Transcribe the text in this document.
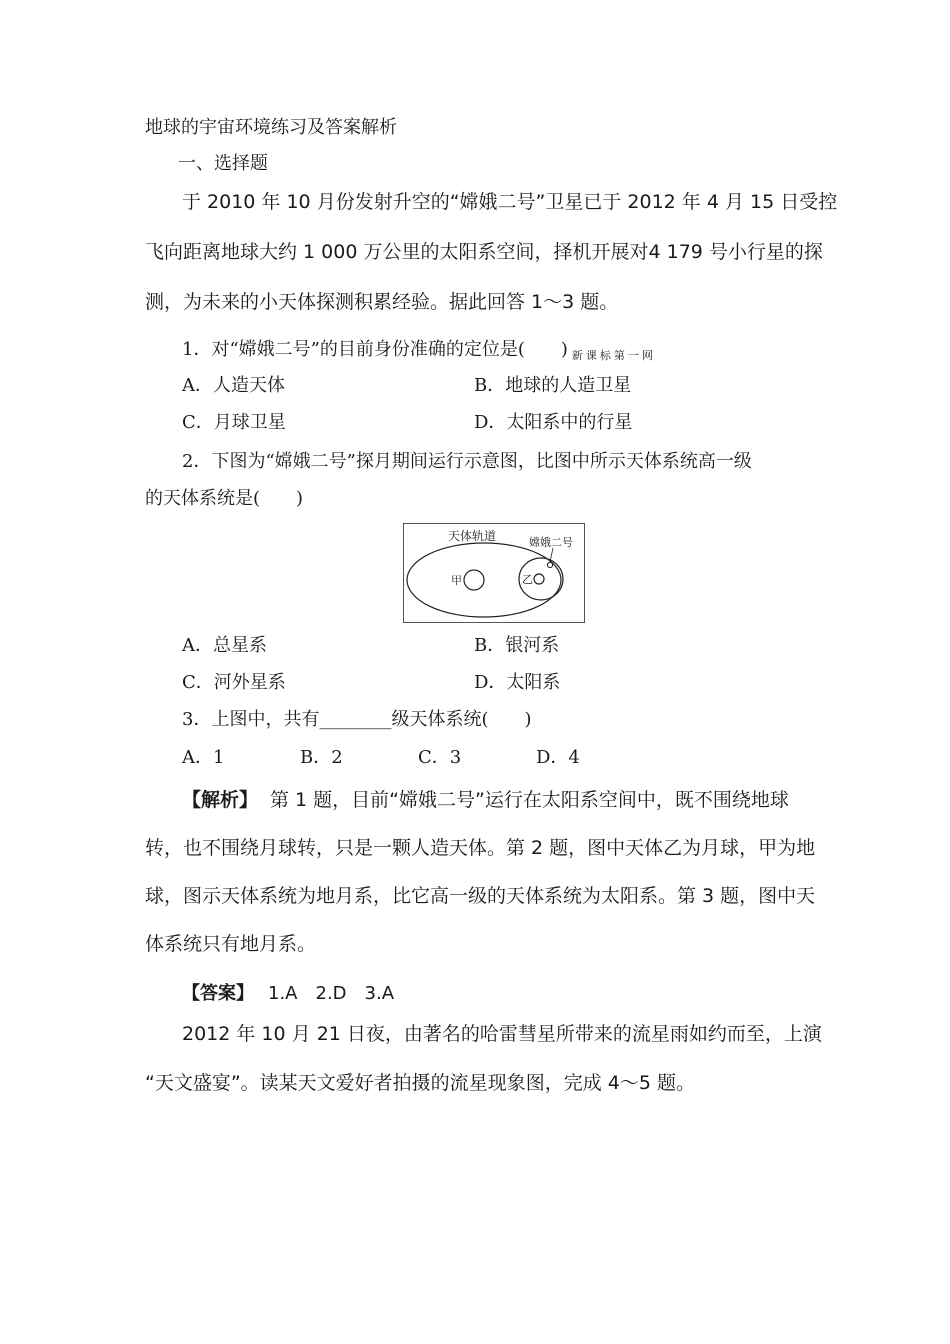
地球的宇宙环境练习及答案解析
一、选择题
于 2010 年 10 月份发射升空的“嫦娥二号”卫星已于 2012 年 4 月 15 日受控
飞向距离地球大约 1 000 万公里的太阳系空间，择机开展对4 179 号小行星的探
测，为未来的小天体探测积累经验。据此回答 1～3 题。
1．对“嫦娥二号”的目前身份准确的定位是(　　) $_{新课标第一网}$
A．人造天体	B．地球的人造卫星
C．月球卫星	D．太阳系中的行星
2．下图为“嫦娥二号”探月期间运行示意图，比图中所示天体系统高一级
的天体系统是(　　)
天体轨道	嫦娥二号
甲	乙
A．总星系	B．银河系
C．河外星系	D．太阳系
3．上图中，共有________级天体系统(　　)
A．1	B．2	C．3	D．4
【解析】 第 1 题，目前“嫦娥二号”运行在太阳系空间中，既不围绕地球
转，也不围绕月球转，只是一颗人造天体。第 2 题，图中天体乙为月球，甲为地
球，图示天体系统为地月系，比它高一级的天体系统为太阳系。第 3 题，图中天
体系统只有地月系。
【答案】 1.A　2.D　3.A
2012 年 10 月 21 日夜，由著名的哈雷彗星所带来的流星雨如约而至，上演
“天文盛宴”。读某天文爱好者拍摄的流星现象图，完成 4～5 题。
